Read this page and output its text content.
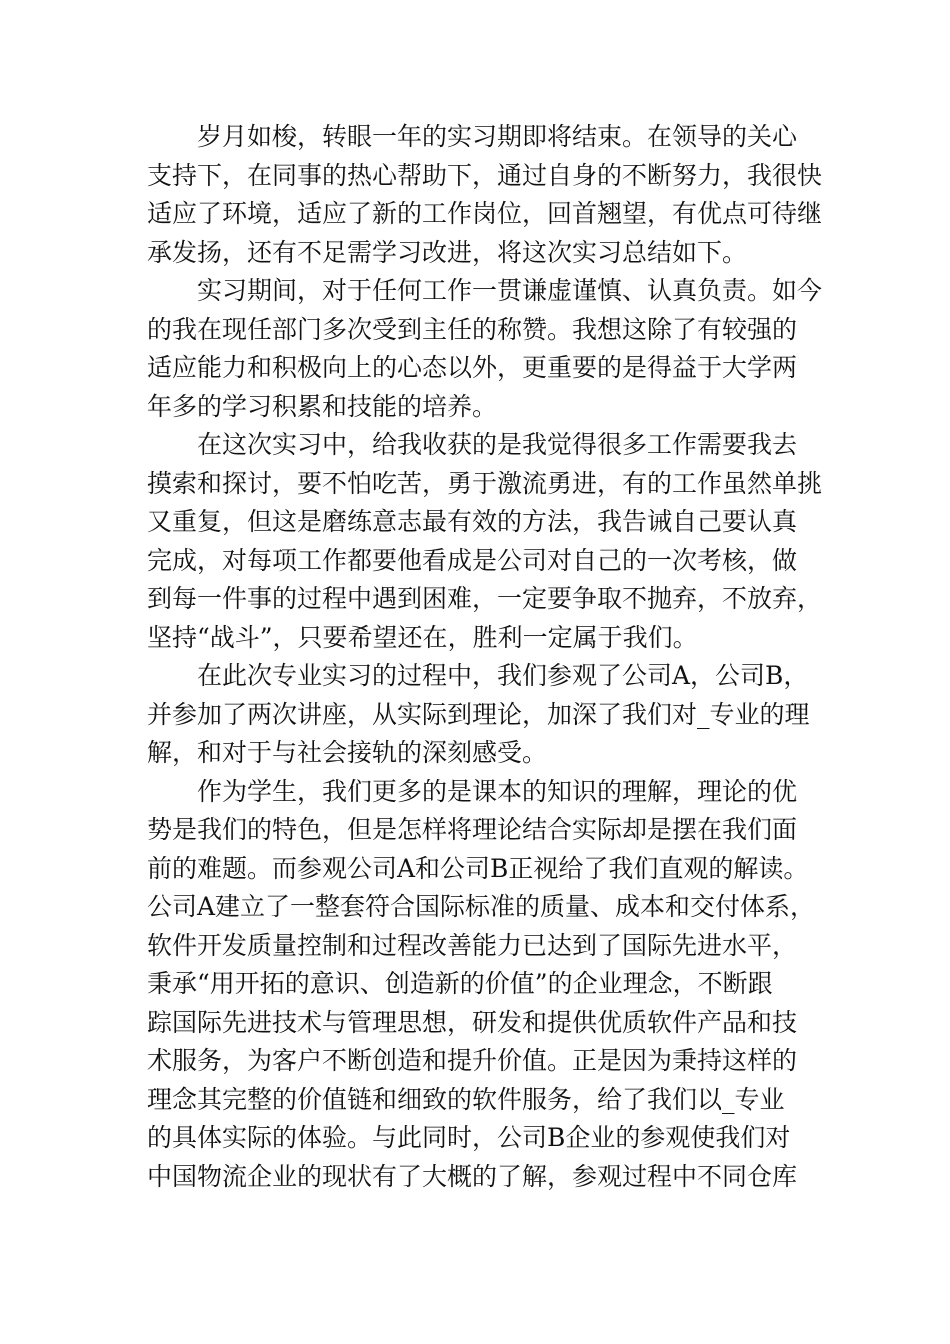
　　岁月如梭，转眼一年的实习期即将结束。在领导的关心
支持下，在同事的热心帮助下，通过自身的不断努力，我很快
适应了环境，适应了新的工作岗位，回首翘望，有优点可待继
承发扬，还有不足需学习改进，将这次实习总结如下。

　　实习期间，对于任何工作一贯谦虚谨慎、认真负责。如今
的我在现任部门多次受到主任的称赞。我想这除了有较强的
适应能力和积极向上的心态以外，更重要的是得益于大学两
年多的学习积累和技能的培养。

　　在这次实习中，给我收获的是我觉得很多工作需要我去
摸索和探讨，要不怕吃苦，勇于激流勇进，有的工作虽然单挑
又重复，但这是磨练意志最有效的方法，我告诫自己要认真
完成，对每项工作都要他看成是公司对自己的一次考核，做
到每一件事的过程中遇到困难，一定要争取不抛弃，不放弃，
坚持“战斗”，只要希望还在，胜利一定属于我们。

　　在此次专业实习的过程中，我们参观了公司A，公司B，
并参加了两次讲座，从实际到理论，加深了我们对_专业的理
解，和对于与社会接轨的深刻感受。

　　作为学生，我们更多的是课本的知识的理解，理论的优
势是我们的特色，但是怎样将理论结合实际却是摆在我们面
前的难题。而参观公司A和公司B正视给了我们直观的解读。
公司A建立了一整套符合国际标准的质量、成本和交付体系，
软件开发质量控制和过程改善能力已达到了国际先进水平，
秉承“用开拓的意识、创造新的价值”的企业理念，不断跟
踪国际先进技术与管理思想，研发和提供优质软件产品和技
术服务，为客户不断创造和提升价值。正是因为秉持这样的
理念其完整的价值链和细致的软件服务，给了我们以_专业
的具体实际的体验。与此同时，公司B企业的参观使我们对
中国物流企业的现状有了大概的了解，参观过程中不同仓库
